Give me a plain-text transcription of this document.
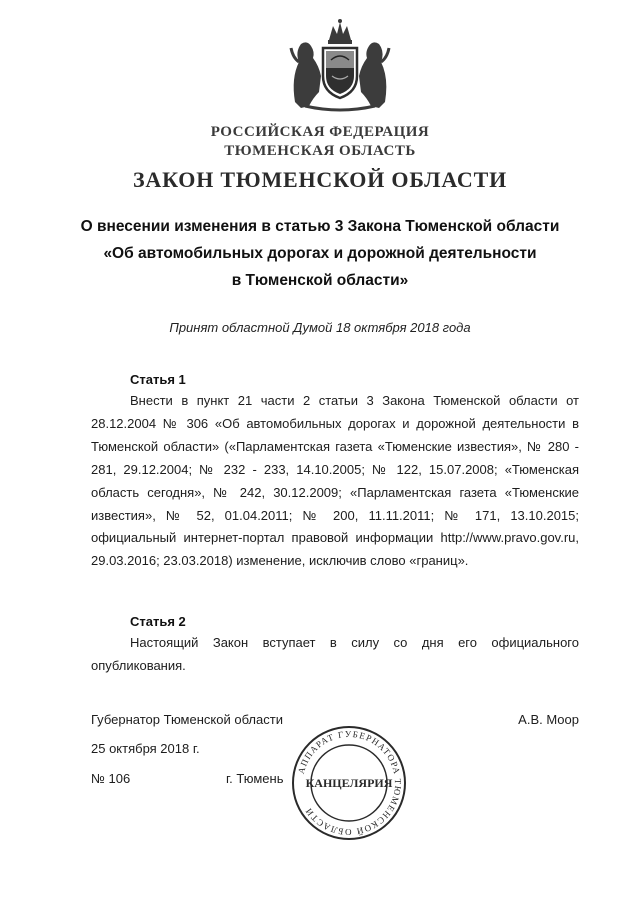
РОССИЙСКАЯ ФЕДЕРАЦИЯ
ТЮМЕНСКАЯ ОБЛАСТЬ
ЗАКОН ТЮМЕНСКОЙ ОБЛАСТИ
О внесении изменения в статью 3 Закона Тюменской области
«Об автомобильных дорогах и дорожной деятельности
в Тюменской области»
Принят областной Думой 18 октября 2018 года
Статья 1

Внести в пункт 21 части 2 статьи 3 Закона Тюменской области от 28.12.2004 № 306 «Об автомобильных дорогах и дорожной деятельности в Тюменской области» («Парламентская газета «Тюменские известия», № 280 - 281, 29.12.2004; № 232 - 233, 14.10.2005; № 122, 15.07.2008; «Тюменская область сегодня», № 242, 30.12.2009; «Парламентская газета «Тюменские известия», № 52, 01.04.2011; № 200, 11.11.2011; № 171, 13.10.2015; официальный интернет-портал правовой информации http://www.pravo.gov.ru, 29.03.2016; 23.03.2018) изменение, исключив слово «границ».

Статья 2

Настоящий Закон вступает в силу со дня его официального опубликования.

Губернатор Тюменской области	А.В. Моор
25 октября 2018 г.
№ 106	г. Тюмень
АППАРАТ ГУБЕРНАТОРА ТЮМЕНСКОЙ ОБЛАСТИ
КАНЦЕЛЯРИЯ
